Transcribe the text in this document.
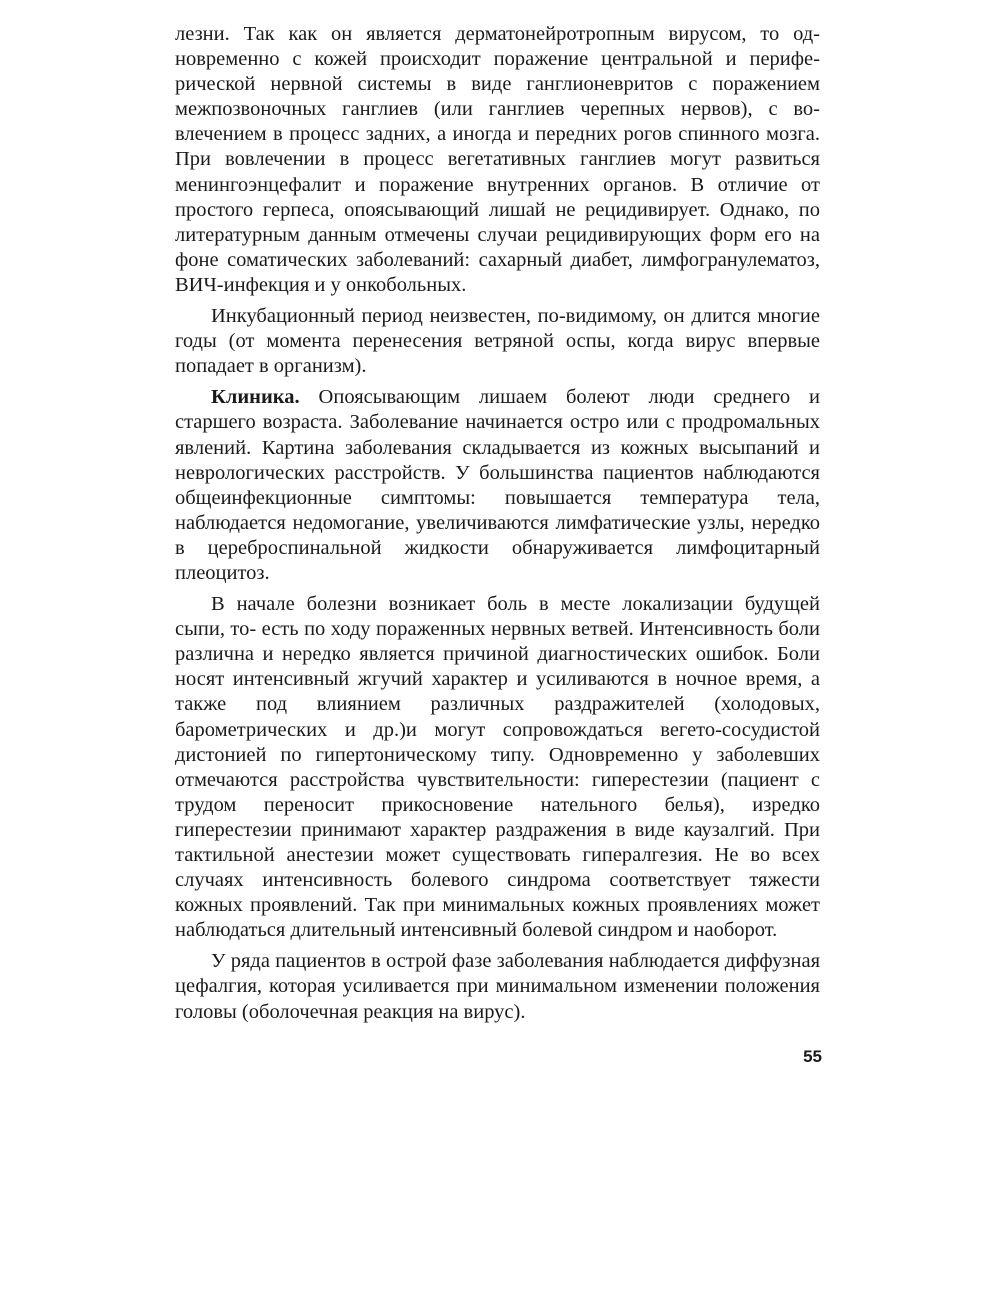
лезни. Так как он является дерматонейротропным вирусом, то одновременно с кожей происходит поражение центральной и периферической нервной системы в виде ганглионевритов с поражением межпозвоночных ганглиев (или ганглиев черепных нервов), с вовлечением в процесс задних, а иногда и передних рогов спинного мозга. При вовлечении в процесс вегетативных ганглиев могут развиться менингоэнцефалит и поражение внутренних органов. В отличие от простого герпеса, опоясывающий лишай не рецидивирует. Однако, по литературным данным отмечены случаи рецидивирующих форм его на фоне соматических заболеваний: сахарный диабет, лимфогранулематоз, ВИЧ-инфекция и у онкобольных.

Инкубационный период неизвестен, по-видимому, он длится многие годы (от момента перенесения ветряной оспы, когда вирус впервые попадает в организм).

Клиника. Опоясывающим лишаем болеют люди среднего и старшего возраста. Заболевание начинается остро или с продромальных явлений. Картина заболевания складывается из кожных высыпаний и неврологических расстройств. У большинства пациентов наблюдаются общеинфекционные симптомы: повышается температура тела, наблюдается недомогание, увеличиваются лимфатические узлы, нередко в цереброспинальной жидкости обнаруживается лимфоцитарный плеоцитоз.

В начале болезни возникает боль в месте локализации будущей сыпи, то- есть по ходу пораженных нервных ветвей. Интенсивность боли различна и нередко является причиной диагностических ошибок. Боли носят интенсивный жгучий характер и усиливаются в ночное время, а также под влиянием различных раздражителей (холодовых, барометрических и др.)и могут сопровождаться вегето-сосудистой дистонией по гипертоническому типу. Одновременно у заболевших отмечаются расстройства чувствительности: гиперестезии (пациент с трудом переносит прикосновение нательного белья), изредко гиперестезии принимают характер раздражения в виде каузалгий. При тактильной анестезии может существовать гипералгезия. Не во всех случаях интенсивность болевого синдрома соответствует тяжести кожных проявлений. Так при минимальных кожных проявлениях может наблюдаться длительный интенсивный болевой синдром и наоборот.

У ряда пациентов в острой фазе заболевания наблюдается диффузная цефалгия, которая усиливается при минимальном изменении положения головы (оболочечная реакция на вирус).

55
